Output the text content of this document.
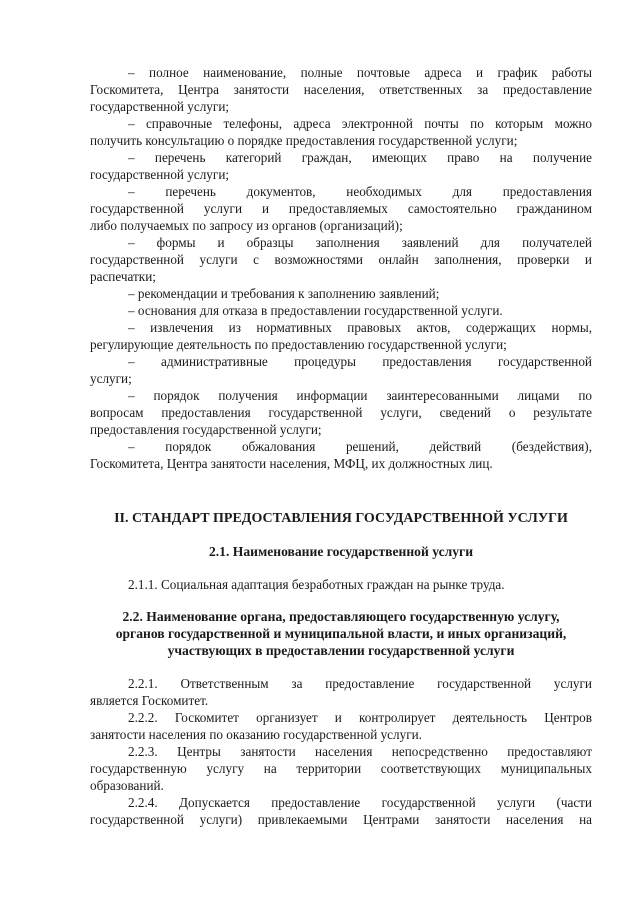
– полное наименование, полные почтовые адреса и график работы
Госкомитета, Центра занятости населения, ответственных за предоставление
государственной услуги;
– справочные телефоны, адреса электронной почты по которым можно
получить консультацию о порядке предоставления государственной услуги;
– перечень категорий граждан, имеющих право на получение
государственной услуги;
– перечень документов, необходимых для предоставления
государственной услуги и предоставляемых самостоятельно гражданином
либо получаемых по запросу из органов (организаций);
– формы и образцы заполнения заявлений для получателей
государственной услуги с возможностями онлайн заполнения, проверки и
распечатки;
– рекомендации и требования к заполнению заявлений;
– основания для отказа в предоставлении государственной услуги.
– извлечения из нормативных правовых актов, содержащих нормы,
регулирующие деятельность по предоставлению государственной услуги;
– административные процедуры предоставления государственной
услуги;
– порядок получения информации заинтересованными лицами по
вопросам предоставления государственной услуги, сведений о результате
предоставления государственной услуги;
– порядок обжалования решений, действий (бездействия),
Госкомитета, Центра занятости населения, МФЦ, их должностных лиц.
II. СТАНДАРТ ПРЕДОСТАВЛЕНИЯ ГОСУДАРСТВЕННОЙ УСЛУГИ
2.1. Наименование государственной услуги
2.1.1. Социальная адаптация безработных граждан на рынке труда.
2.2. Наименование органа, предоставляющего государственную услугу,
органов государственной и муниципальной власти, и иных организаций,
участвующих в предоставлении государственной услуги
2.2.1. Ответственным за предоставление государственной услуги
является Госкомитет.
2.2.2. Госкомитет организует и контролирует деятельность Центров
занятости населения по оказанию государственной услуги.
2.2.3. Центры занятости населения непосредственно предоставляют
государственную услугу на территории соответствующих муниципальных
образований.
2.2.4. Допускается предоставление государственной услуги (части
государственной услуги) привлекаемыми Центрами занятости населения на
